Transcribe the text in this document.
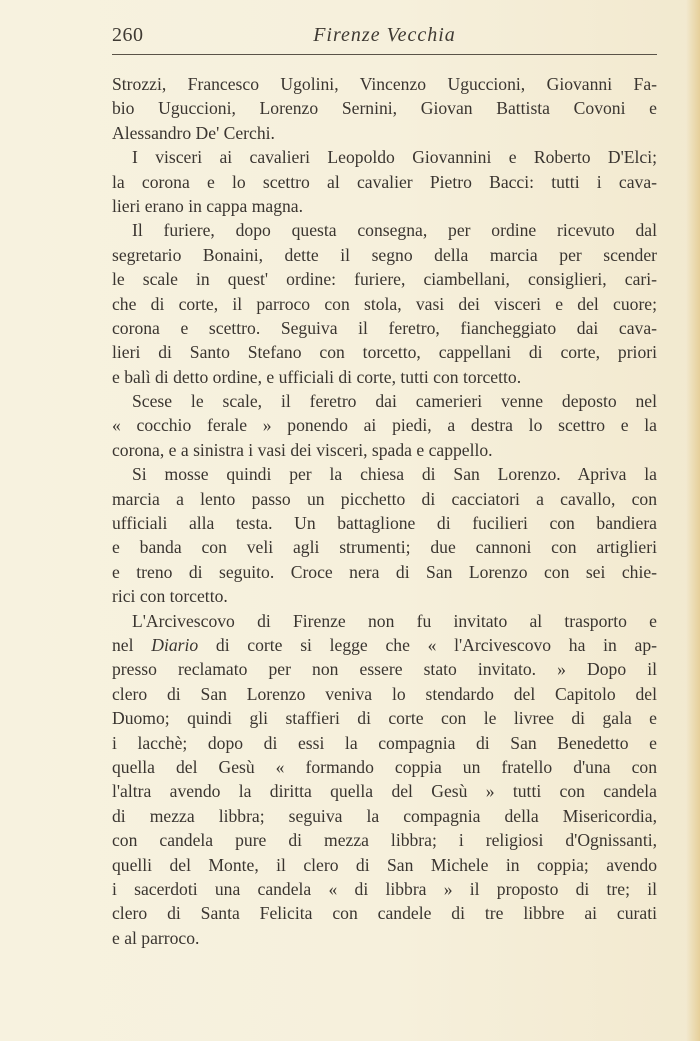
260	Firenze Vecchia
Strozzi, Francesco Ugolini, Vincenzo Uguccioni, Giovanni Fa-
bio Uguccioni, Lorenzo Sernini, Giovan Battista Covoni e
Alessandro De' Cerchi.
I visceri ai cavalieri Leopoldo Giovannini e Roberto D'Elci;
la corona e lo scettro al cavalier Pietro Bacci: tutti i cava-
lieri erano in cappa magna.
Il furiere, dopo questa consegna, per ordine ricevuto dal
segretario Bonaini, dette il segno della marcia per scender
le scale in quest' ordine: furiere, ciambellani, consiglieri, cari-
che di corte, il parroco con stola, vasi dei visceri e del cuore;
corona e scettro. Seguiva il feretro, fiancheggiato dai cava-
lieri di Santo Stefano con torcetto, cappellani di corte, priori
e balì di detto ordine, e ufficiali di corte, tutti con torcetto.
Scese le scale, il feretro dai camerieri venne deposto nel
« cocchio ferale » ponendo ai piedi, a destra lo scettro e la
corona, e a sinistra i vasi dei visceri, spada e cappello.
Si mosse quindi per la chiesa di San Lorenzo. Apriva la
marcia a lento passo un picchetto di cacciatori a cavallo, con
ufficiali alla testa. Un battaglione di fucilieri con bandiera
e banda con veli agli strumenti; due cannoni con artiglieri
e treno di seguito. Croce nera di San Lorenzo con sei chie-
rici con torcetto.
L'Arcivescovo di Firenze non fu invitato al trasporto e
nel Diario di corte si legge che « l'Arcivescovo ha in ap-
presso reclamato per non essere stato invitato. » Dopo il
clero di San Lorenzo veniva lo stendardo del Capitolo del
Duomo; quindi gli staffieri di corte con le livree di gala e
i lacchè; dopo di essi la compagnia di San Benedetto e
quella del Gesù « formando coppia un fratello d'una con
l'altra avendo la diritta quella del Gesù » tutti con candela
di mezza libbra; seguiva la compagnia della Misericordia,
con candela pure di mezza libbra; i religiosi d'Ognissanti,
quelli del Monte, il clero di San Michele in coppia; avendo
i sacerdoti una candela « di libbra » il proposto di tre; il
clero di Santa Felicita con candele di tre libbre ai curati
e al parroco.
